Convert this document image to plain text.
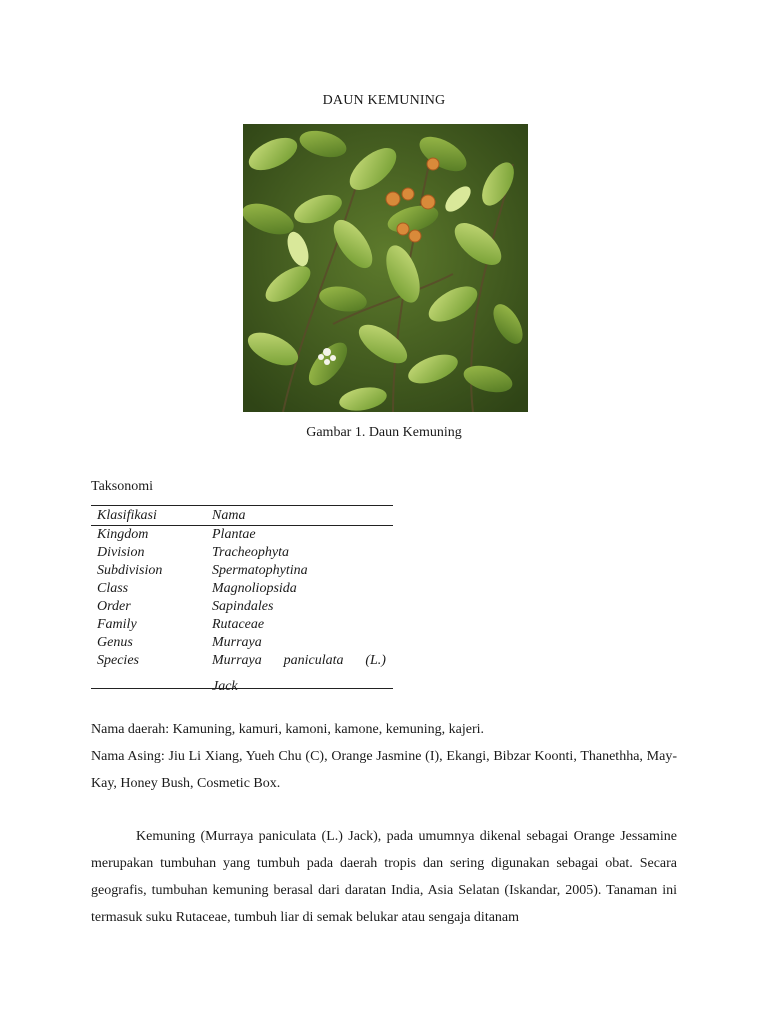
DAUN KEMUNING
Gambar 1. Daun Kemuning
Taksonomi
Klasifikasi	Nama
Kingdom	Plantae
Division	Tracheophyta
Subdivision	Spermatophytina
Class	Magnoliopsida
Order	Sapindales
Family	Rutaceae
Genus	Murraya
Species	Murraya paniculata (L.)
Jack
Nama daerah: Kamuning, kamuri, kamoni, kamone, kemuning, kajeri.
Nama Asing: Jiu Li Xiang, Yueh Chu (C), Orange Jasmine (I), Ekangi, Bibzar Koonti, Thanethha, May-Kay, Honey Bush, Cosmetic Box.
Kemuning (Murraya paniculata (L.) Jack), pada umumnya dikenal sebagai Orange Jessamine merupakan tumbuhan yang tumbuh pada daerah tropis dan sering digunakan sebagai obat. Secara geografis, tumbuhan kemuning berasal dari daratan India, Asia Selatan (Iskandar, 2005). Tanaman ini termasuk suku Rutaceae, tumbuh liar di semak belukar atau sengaja ditanam
